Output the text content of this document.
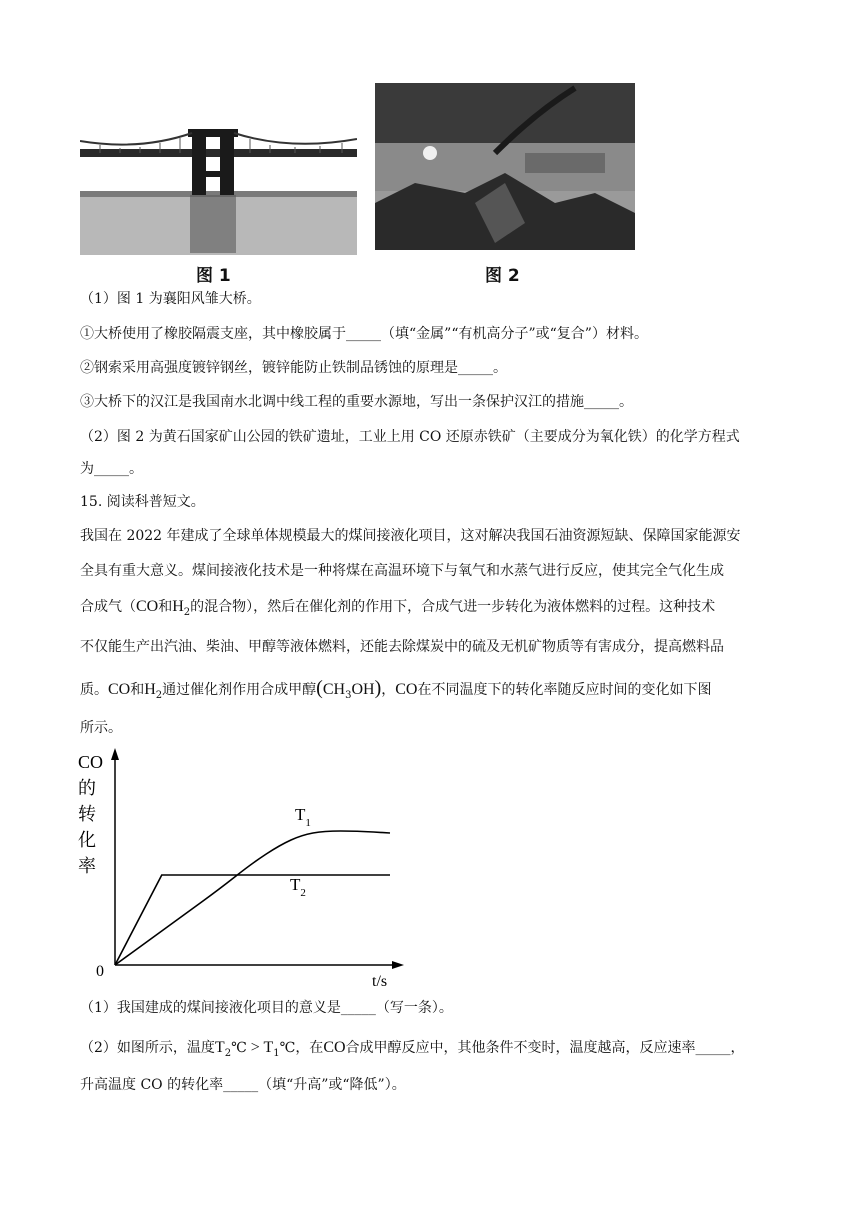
图 1	图 2
（1）图 1 为襄阳风雏大桥。
①大桥使用了橡胶隔震支座，其中橡胶属于_____（填“金属”“有机高分子”或“复合”）材料。
②钢索采用高强度镀锌钢丝，镀锌能防止铁制品锈蚀的原理是_____。
③大桥下的汉江是我国南水北调中线工程的重要水源地，写出一条保护汉江的措施_____。
（2）图 2 为黄石国家矿山公园的铁矿遗址，工业上用 CO 还原赤铁矿（主要成分为氧化铁）的化学方程式
为_____。
15. 阅读科普短文。
我国在 2022 年建成了全球单体规模最大的煤间接液化项目，这对解决我国石油资源短缺、保障国家能源安
全具有重大意义。煤间接液化技术是一种将煤在高温环境下与氧气和水蒸气进行反应，使其完全气化生成
合成气（CO和$H_2$的混合物），然后在催化剂的作用下，合成气进一步转化为液体燃料的过程。这种技术
不仅能生产出汽油、柴油、甲醇等液体燃料，还能去除煤炭中的硫及无机矿物质等有害成分，提高燃料品
质。CO和$H_2$通过催化剂作用合成甲醇$(CH_3OH)$，CO在不同温度下的转化率随反应时间的变化如下图
所示。
CO
的
转
化
率
0
t/s
$T_1$
$T_2$
（1）我国建成的煤间接液化项目的意义是_____（写一条）。
（2）如图所示，温度$T_2℃$ > $T_1℃$，在CO合成甲醇反应中，其他条件不变时，温度越高，反应速率_____，
升高温度 CO 的转化率_____（填“升高”或“降低”）。
